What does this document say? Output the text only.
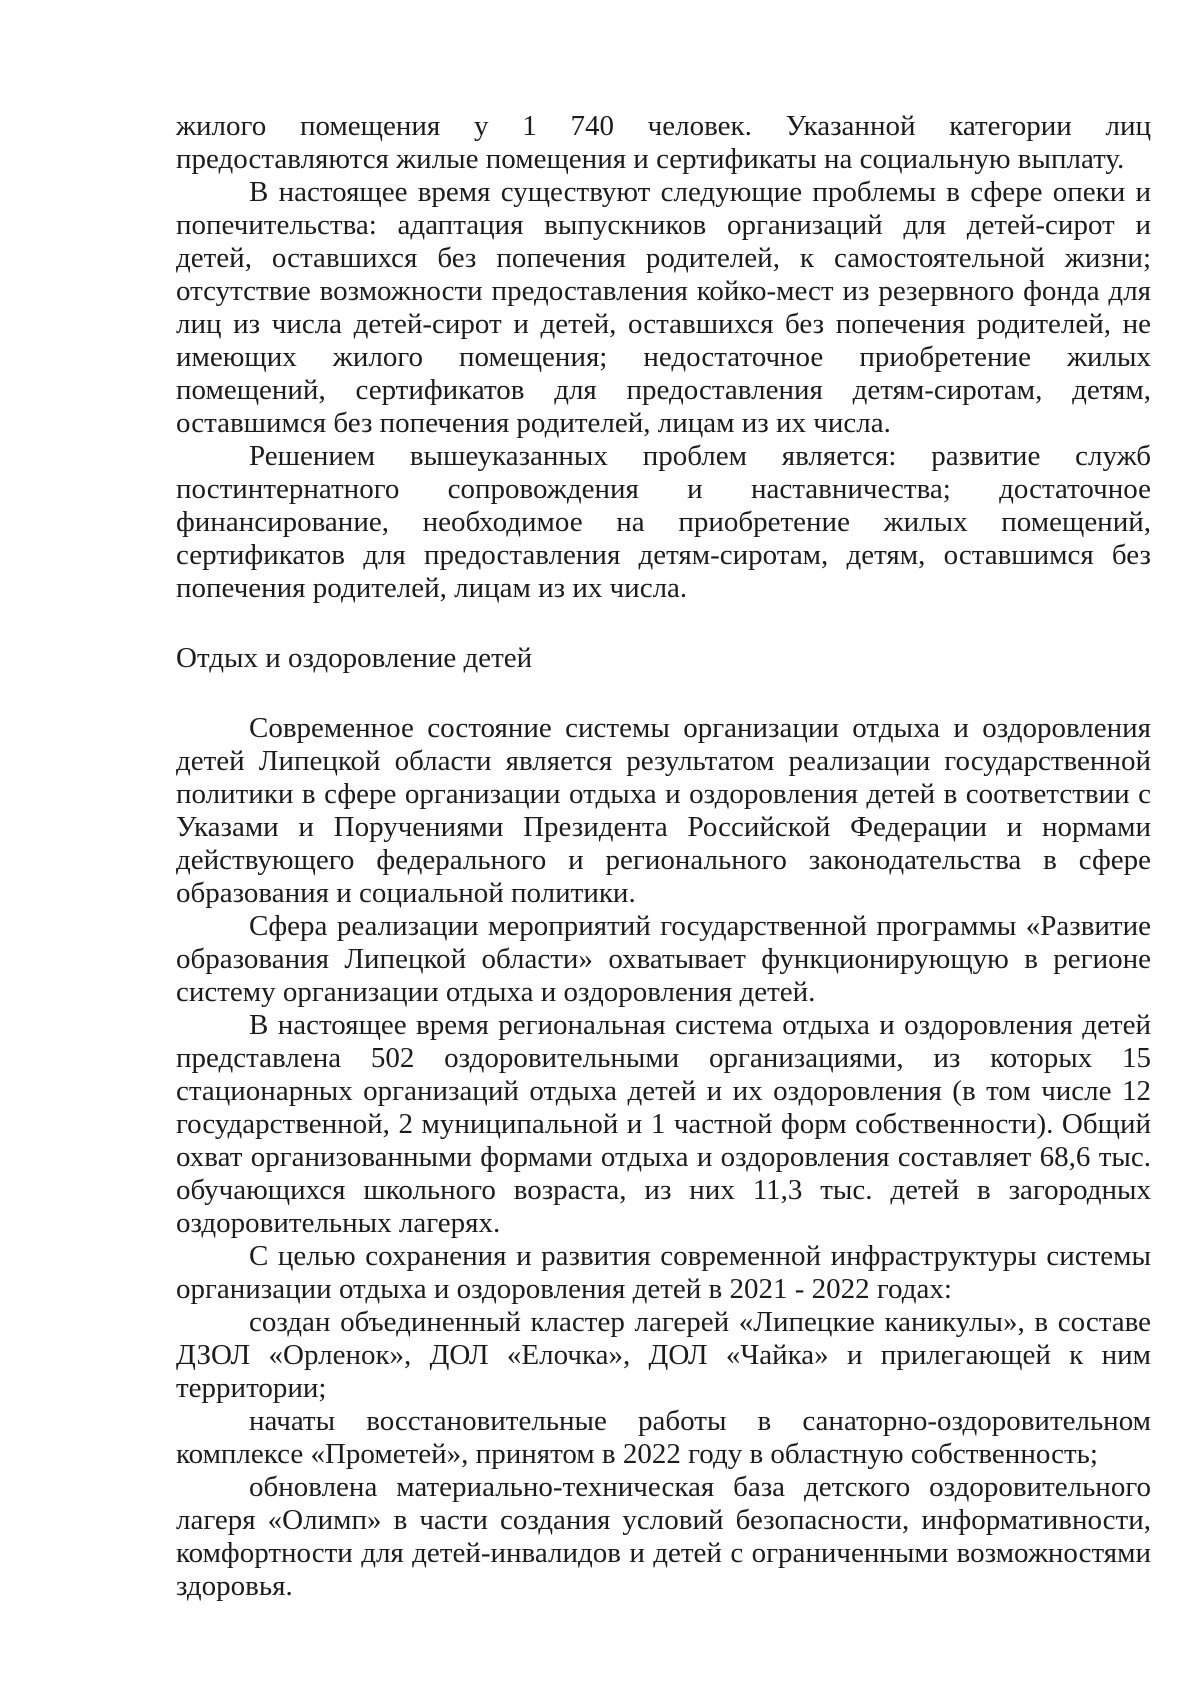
жилого помещения у 1 740 человек. Указанной категории лиц предоставляются жилые помещения и сертификаты на социальную выплату.

В настоящее время существуют следующие проблемы в сфере опеки и попечительства: адаптация выпускников организаций для детей-сирот и детей, оставшихся без попечения родителей, к самостоятельной жизни; отсутствие возможности предоставления койко-мест из резервного фонда для лиц из числа детей-сирот и детей, оставшихся без попечения родителей, не имеющих жилого помещения; недостаточное приобретение жилых помещений, сертификатов для предоставления детям-сиротам, детям, оставшимся без попечения родителей, лицам из их числа.

Решением вышеуказанных проблем является: развитие служб постинтернатного сопровождения и наставничества; достаточное финансирование, необходимое на приобретение жилых помещений, сертификатов для предоставления детям-сиротам, детям, оставшимся без попечения родителей, лицам из их числа.

Отдых и оздоровление детей

Современное состояние системы организации отдыха и оздоровления детей Липецкой области является результатом реализации государственной политики в сфере организации отдыха и оздоровления детей в соответствии с Указами и Поручениями Президента Российской Федерации и нормами действующего федерального и регионального законодательства в сфере образования и социальной политики.

Сфера реализации мероприятий государственной программы «Развитие образования Липецкой области» охватывает функционирующую в регионе систему организации отдыха и оздоровления детей.

В настоящее время региональная система отдыха и оздоровления детей представлена 502 оздоровительными организациями, из которых 15 стационарных организаций отдыха детей и их оздоровления (в том числе 12 государственной, 2 муниципальной и 1 частной форм собственности). Общий охват организованными формами отдыха и оздоровления составляет 68,6 тыс. обучающихся школьного возраста, из них 11,3 тыс. детей в загородных оздоровительных лагерях.

С целью сохранения и развития современной инфраструктуры системы организации отдыха и оздоровления детей в 2021 - 2022 годах:

создан объединенный кластер лагерей «Липецкие каникулы», в составе ДЗОЛ «Орленок», ДОЛ «Елочка», ДОЛ «Чайка» и прилегающей к ним территории;

начаты восстановительные работы в санаторно-оздоровительном комплексе «Прометей», принятом в 2022 году в областную собственность;

обновлена материально-техническая база детского оздоровительного лагеря «Олимп» в части создания условий безопасности, информативности, комфортности для детей-инвалидов и детей с ограниченными возможностями здоровья.
